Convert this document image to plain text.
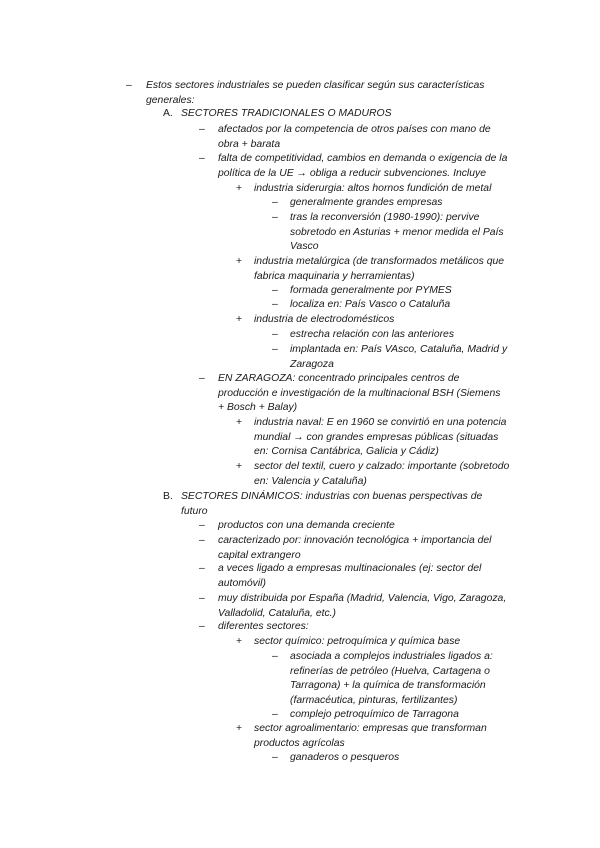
– Estos sectores industriales se pueden clasificar según sus características
generales:
A. SECTORES TRADICIONALES O MADUROS
– afectados por la competencia de otros países con mano de
obra + barata
– falta de competitividad, cambios en demanda o exigencia de la
política de la UE → obliga a reducir subvenciones. Incluye
+ industria siderurgia: altos hornos fundición de metal
– generalmente grandes empresas
– tras la reconversión (1980-1990): pervive
sobretodo en Asturias + menor medida el País
Vasco
+ industria metalúrgica (de transformados metálicos que
fabrica maquinaria y herramientas)
– formada generalmente por PYMES
– localiza en: País Vasco o Cataluña
+ industria de electrodomésticos
– estrecha relación con las anteriores
– implantada en: País VAsco, Cataluña, Madrid y
Zaragoza
– EN ZARAGOZA: concentrado principales centros de
producción e investigación de la multinacional BSH (Siemens
+ Bosch + Balay)
+ industria naval: E en 1960 se convirtió en una potencia
mundial → con grandes empresas públicas (situadas
en: Cornisa Cantábrica, Galicia y Cádiz)
+ sector del textil, cuero y calzado: importante (sobretodo
en: Valencia y Cataluña)
B. SECTORES DINÁMICOS: industrias con buenas perspectivas de
futuro
– productos con una demanda creciente
– caracterizado por: innovación tecnológica + importancia del
capital extrangero
– a veces ligado a empresas multinacionales (ej: sector del
automóvil)
– muy distribuida por España (Madrid, Valencia, Vigo, Zaragoza,
Valladolid, Cataluña, etc.)
– diferentes sectores:
+ sector químico: petroquímica y química base
– asociada a complejos industriales ligados a:
refinerías de petróleo (Huelva, Cartagena o
Tarragona) + la química de transformación
(farmacéutica, pinturas, fertilizantes)
– complejo petroquímico de Tarragona
+ sector agroalimentario: empresas que transforman
productos agrícolas
– ganaderos o pesqueros
